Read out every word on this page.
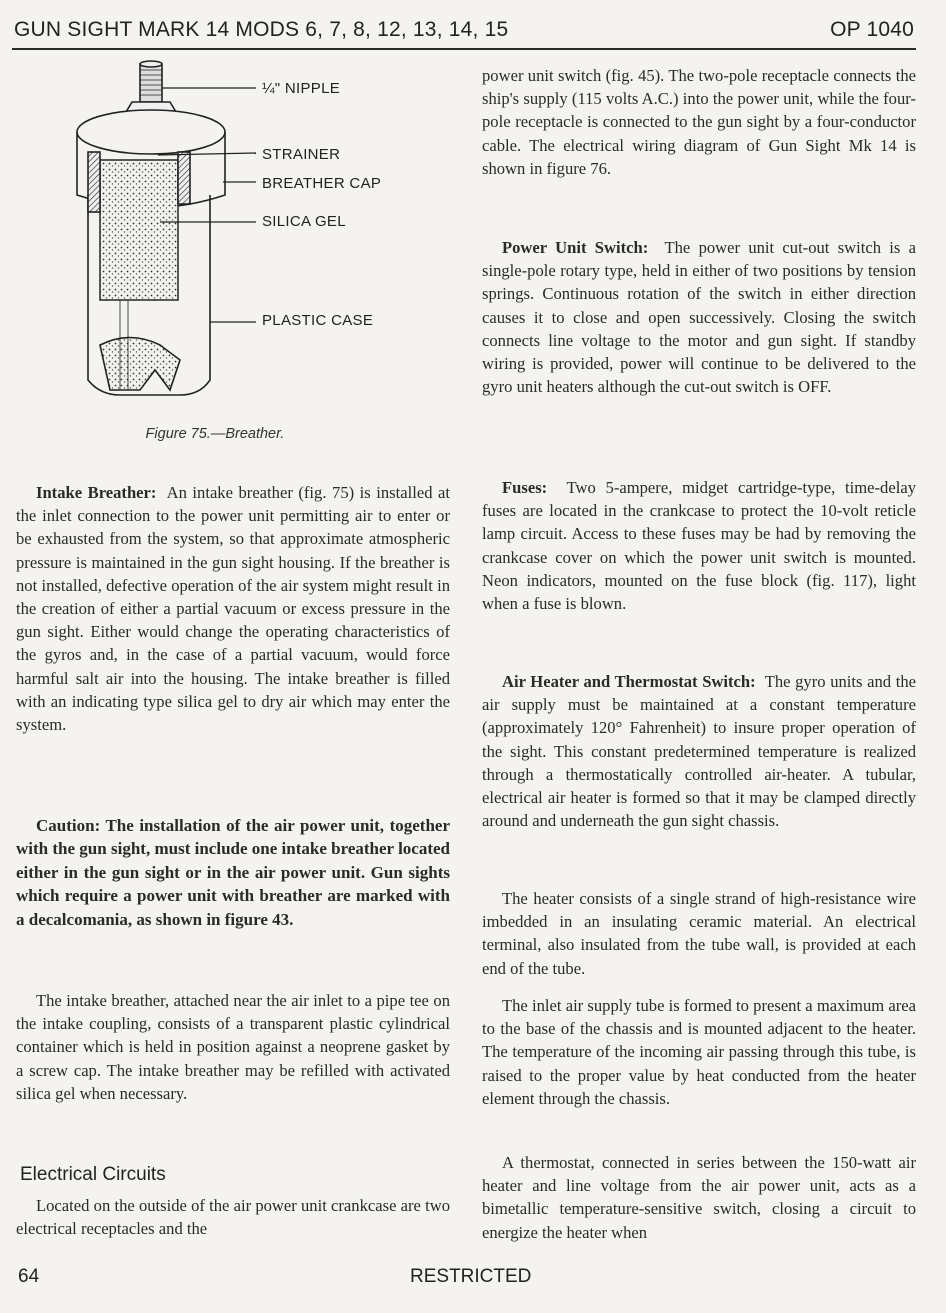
GUN SIGHT MARK 14 MODS 6, 7, 8, 12, 13, 14, 15	OP 1040
¼" NIPPLE
STRAINER
BREATHER CAP
SILICA GEL
PLASTIC CASE
Figure 75.—Breather.

Intake Breather: An intake breather (fig. 75) is installed at the inlet connection to the power unit permitting air to enter or be exhausted from the system, so that approximate atmospheric pressure is maintained in the gun sight housing. If the breather is not installed, defective operation of the air system might result in the creation of either a partial vacuum or excess pressure in the gun sight. Either would change the operating characteristics of the gyros and, in the case of a partial vacuum, would force harmful salt air into the housing. The intake breather is filled with an indicating type silica gel to dry air which may enter the system.

Caution: The installation of the air power unit, together with the gun sight, must include one intake breather located either in the gun sight or in the air power unit. Gun sights which require a power unit with breather are marked with a decalcomania, as shown in figure 43.

The intake breather, attached near the air inlet to a pipe tee on the intake coupling, consists of a transparent plastic cylindrical container which is held in position against a neoprene gasket by a screw cap. The intake breather may be refilled with activated silica gel when necessary.

Electrical Circuits

Located on the outside of the air power unit crankcase are two electrical receptacles and the

power unit switch (fig. 45). The two-pole receptacle connects the ship's supply (115 volts A.C.) into the power unit, while the four-pole receptacle is connected to the gun sight by a four-conductor cable. The electrical wiring diagram of Gun Sight Mk 14 is shown in figure 76.

Power Unit Switch: The power unit cut-out switch is a single-pole rotary type, held in either of two positions by tension springs. Continuous rotation of the switch in either direction causes it to close and open successively. Closing the switch connects line voltage to the motor and gun sight. If standby wiring is provided, power will continue to be delivered to the gyro unit heaters although the cut-out switch is OFF.

Fuses: Two 5-ampere, midget cartridge-type, time-delay fuses are located in the crankcase to protect the 10-volt reticle lamp circuit. Access to these fuses may be had by removing the crankcase cover on which the power unit switch is mounted. Neon indicators, mounted on the fuse block (fig. 117), light when a fuse is blown.

Air Heater and Thermostat Switch: The gyro units and the air supply must be maintained at a constant temperature (approximately 120° Fahrenheit) to insure proper operation of the sight. This constant predetermined temperature is realized through a thermostatically controlled air-heater. A tubular, electrical air heater is formed so that it may be clamped directly around and underneath the gun sight chassis.

The heater consists of a single strand of high-resistance wire imbedded in an insulating ceramic material. An electrical terminal, also insulated from the tube wall, is provided at each end of the tube.

The inlet air supply tube is formed to present a maximum area to the base of the chassis and is mounted adjacent to the heater. The temperature of the incoming air passing through this tube, is raised to the proper value by heat conducted from the heater element through the chassis.

A thermostat, connected in series between the 150-watt air heater and line voltage from the air power unit, acts as a bimetallic temperature-sensitive switch, closing a circuit to energize the heater when

64	RESTRICTED
